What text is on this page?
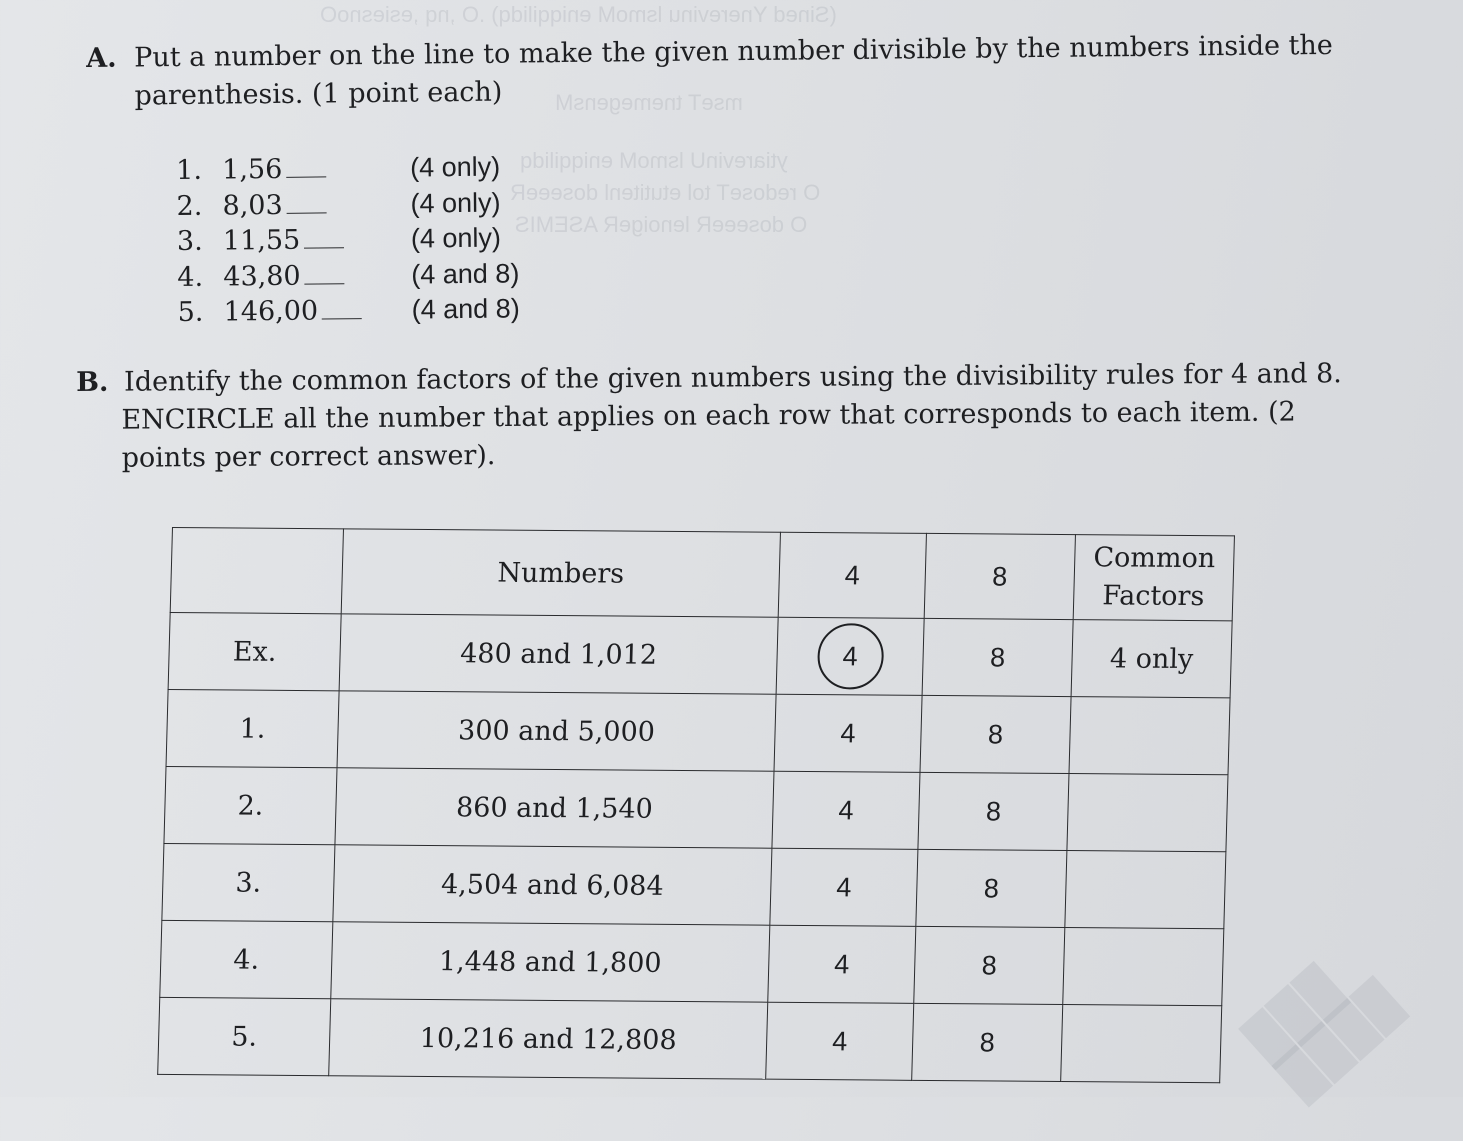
(Sined Ynerevinu lsmoM eniqqilidq) .O ,nq ,esiesnoO
mseT tnemegensM
ytiarevinU lsmoM eniqqilidq
O redoseT tol etutitenl doseeeR
O doseeeR lenoigeR ASEMIS
A. Put a number on the line to make the given number divisible by the numbers inside the
parenthesis. (1 point each)
1. 1,56	(4 only)
2. 8,03	(4 only)
3. 11,55	(4 only)
4. 43,80	(4 and 8)
5. 146,00	(4 and 8)
B. Identify the common factors of the given numbers using the divisibility rules for 4 and 8.
ENCIRCLE all the number that applies on each row that corresponds to each item. (2
points per correct answer).
	Numbers	4	8	Common
Factors

Ex.	480 and 1,012	4	8	4 only
1.	300 and 5,000	4	8	
2.	860 and 1,540	4	8	
3.	4,504 and 6,084	4	8	
4.	1,448 and 1,800	4	8	
5.	10,216 and 12,808	4	8		███ ████
